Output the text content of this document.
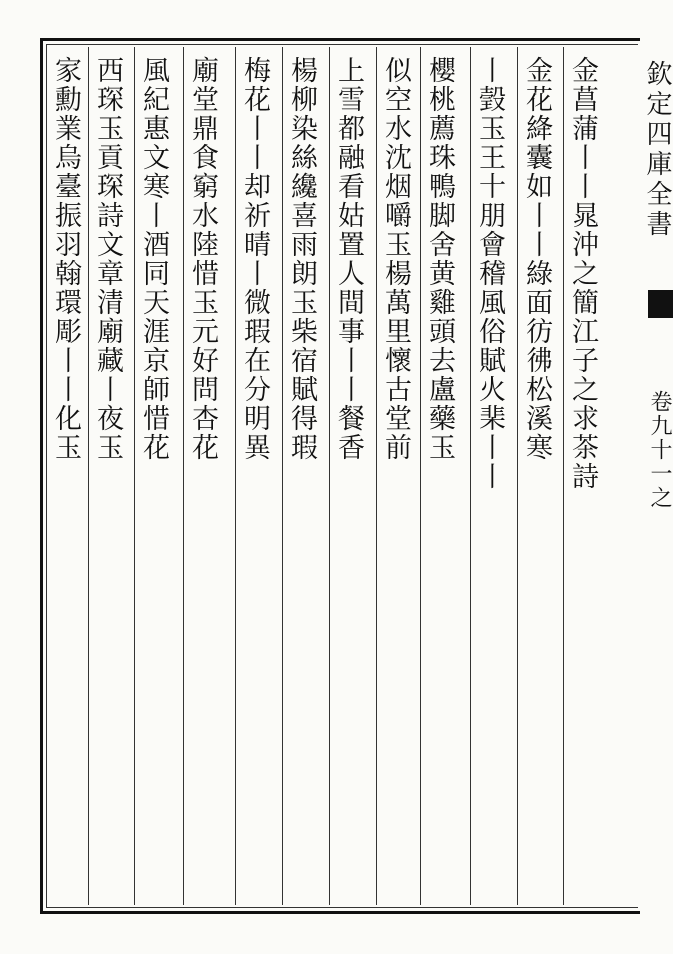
金菖蒲丨丨晁沖之簡江子之求茶詩
金花絳囊如丨丨綠面彷彿松溪寒
丨瑴玉王十朋會稽風俗賦火棐丨丨
櫻桃薦珠鴨脚舍黄雞頭去盧藥玉
似空水沈烟嚼玉楊萬里懷古堂前
上雪都融看姑置人間事丨丨餐香
楊柳染絲纔喜雨朗玉柴宿賦得瑕
梅花丨丨却祈晴丨微瑕在分明異
廟堂鼎食窮水陸惜玉元好問杏花
風紀惠文寒丨酒同天涯京師惜花
西琛玉貢琛詩文章清廟藏丨夜玉
家勳業烏臺振羽翰環彫丨丨化玉	欽定四庫全書
卷九十一之
